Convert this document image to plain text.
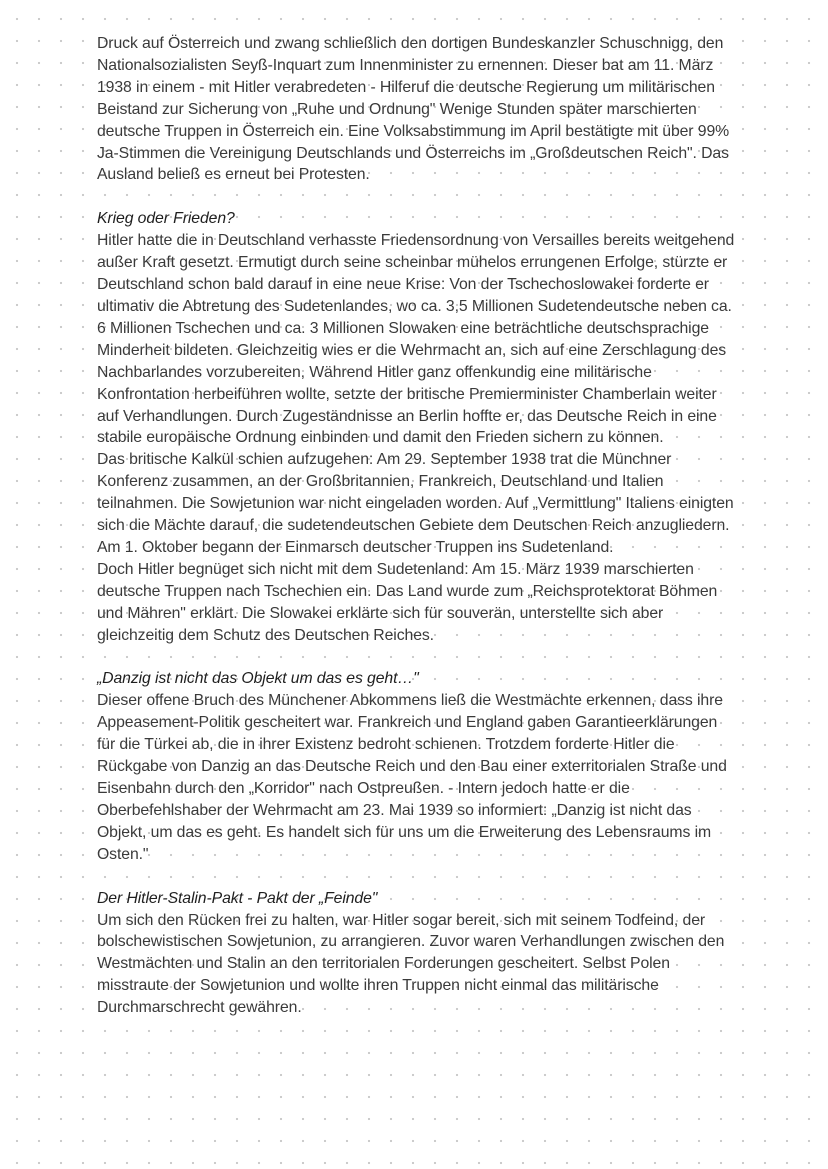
Druck auf Österreich und zwang schließlich den dortigen Bundeskanzler Schuschnigg, den Nationalsozialisten Seyß-Inquart zum Innenminister zu ernennen. Dieser bat am 11. März 1938 in einem - mit Hitler verabredeten - Hilferuf die deutsche Regierung um militärischen Beistand zur Sicherung von „Ruhe und Ordnung" Wenige Stunden später marschierten deutsche Truppen in Österreich ein. Eine Volksabstimmung im April bestätigte mit über 99% Ja-Stimmen die Vereinigung Deutschlands und Österreichs im „Großdeutschen Reich". Das Ausland beließ es erneut bei Protesten.

Krieg oder Frieden?

Hitler hatte die in Deutschland verhasste Friedensordnung von Versailles bereits weitgehend außer Kraft gesetzt. Ermutigt durch seine scheinbar mühelos errungenen Erfolge, stürzte er Deutschland schon bald darauf in eine neue Krise: Von der Tschechoslowakei forderte er ultimativ die Abtretung des Sudetenlandes, wo ca. 3,5 Millionen Sudetendeutsche neben ca. 6 Millionen Tschechen und ca. 3 Millionen Slowaken eine beträchtliche deutschsprachige Minderheit bildeten. Gleichzeitig wies er die Wehrmacht an, sich auf eine Zerschlagung des Nachbarlandes vorzubereiten, Während Hitler ganz offenkundig eine militärische Konfrontation herbeiführen wollte, setzte der britische Premierminister Chamberlain weiter auf Verhandlungen. Durch Zugeständnisse an Berlin hoffte er, das Deutsche Reich in eine stabile europäische Ordnung einbinden und damit den Frieden sichern zu können.

Das britische Kalkül schien aufzugehen: Am 29. September 1938 trat die Münchner Konferenz zusammen, an der Großbritannien, Frankreich, Deutschland und Italien teilnahmen. Die Sowjetunion war nicht eingeladen worden. Auf „Vermittlung" Italiens einigten sich die Mächte darauf, die sudetendeutschen Gebiete dem Deutschen Reich anzugliedern. Am 1. Oktober begann der Einmarsch deutscher Truppen ins Sudetenland.

Doch Hitler begnüget sich nicht mit dem Sudetenland: Am 15. März 1939 marschierten deutsche Truppen nach Tschechien ein. Das Land wurde zum „Reichsprotektorat Böhmen und Mähren" erklärt. Die Slowakei erklärte sich für souverän, unterstellte sich aber gleichzeitig dem Schutz des Deutschen Reiches.

„Danzig ist nicht das Objekt um das es geht…"

Dieser offene Bruch des Münchener Abkommens ließ die Westmächte erkennen, dass ihre Appeasement-Politik gescheitert war. Frankreich und England gaben Garantieerklärungen für die Türkei ab, die in ihrer Existenz bedroht schienen. Trotzdem forderte Hitler die Rückgabe von Danzig an das Deutsche Reich und den Bau einer exterritorialen Straße und Eisenbahn durch den „Korridor" nach Ostpreußen. - Intern jedoch hatte er die Oberbefehlshaber der Wehrmacht am 23. Mai 1939 so informiert: „Danzig ist nicht das Objekt, um das es geht. Es handelt sich für uns um die Erweiterung des Lebensraums im Osten."

Der Hitler-Stalin-Pakt - Pakt der „Feinde"

Um sich den Rücken frei zu halten, war Hitler sogar bereit, sich mit seinem Todfeind, der bolschewistischen Sowjetunion, zu arrangieren. Zuvor waren Verhandlungen zwischen den Westmächten und Stalin an den territorialen Forderungen gescheitert. Selbst Polen misstraute der Sowjetunion und wollte ihren Truppen nicht einmal das militärische Durchmarschrecht gewähren.
